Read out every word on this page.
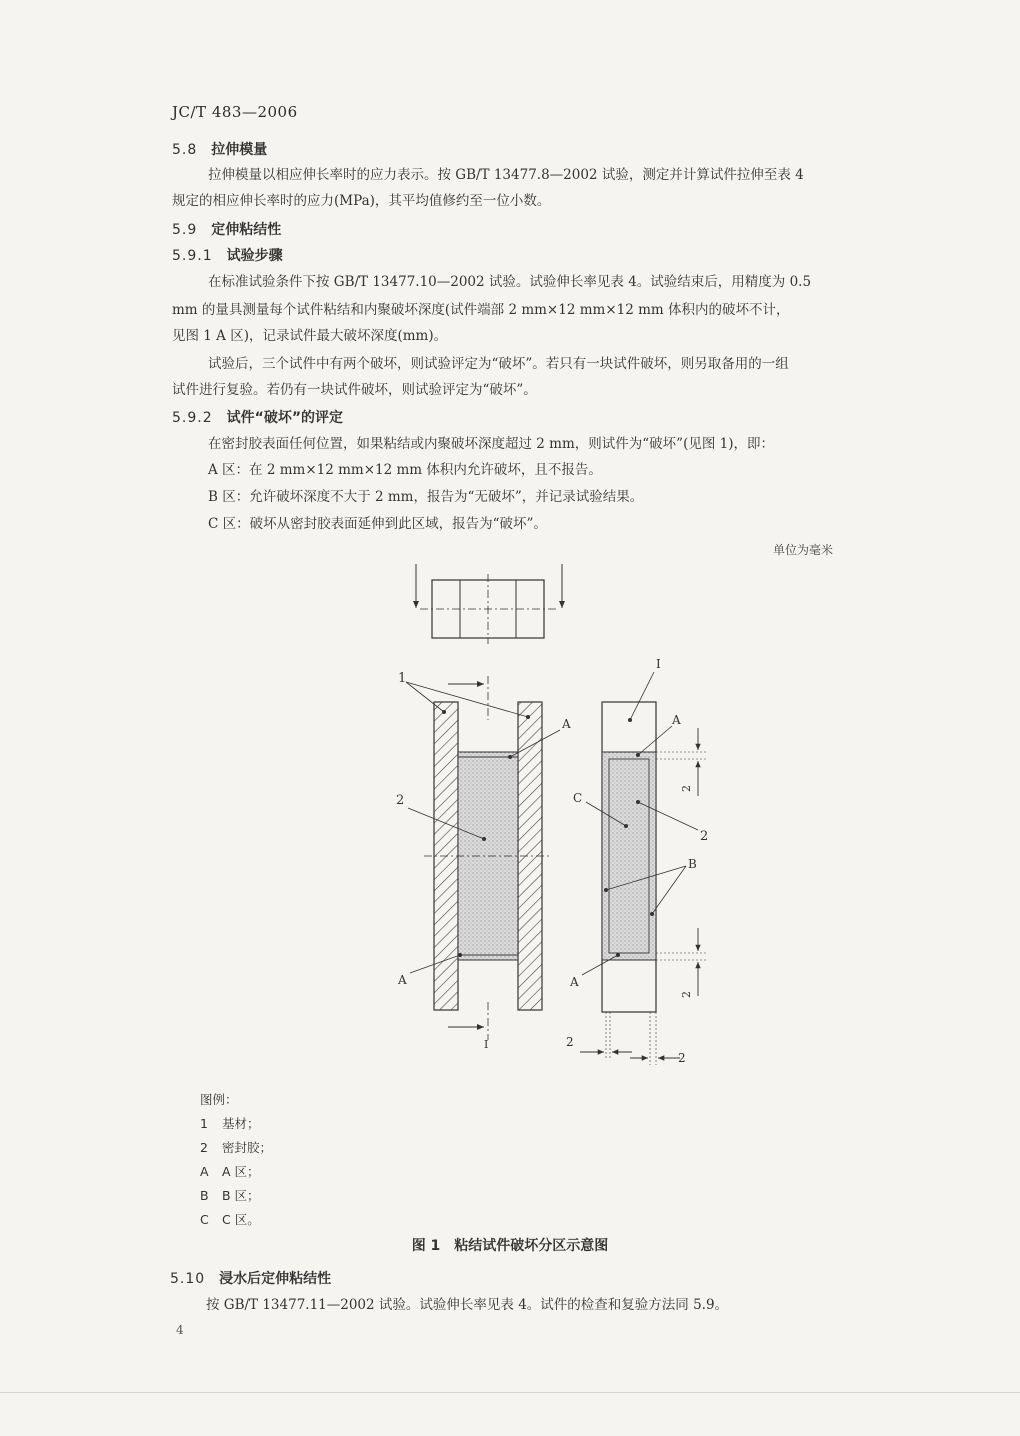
JC/T 483—2006
5.8 拉伸模量
拉伸模量以相应伸长率时的应力表示。按 GB/T 13477.8—2002 试验，测定并计算试件拉伸至表 4
规定的相应伸长率时的应力(MPa)，其平均值修约至一位小数。
5.9 定伸粘结性
5.9.1 试验步骤
在标准试验条件下按 GB/T 13477.10—2002 试验。试验伸长率见表 4。试验结束后，用精度为 0.5
mm 的量具测量每个试件粘结和内聚破坏深度(试件端部 2 mm×12 mm×12 mm 体积内的破坏不计，
见图 1 A 区)，记录试件最大破坏深度(mm)。
试验后，三个试件中有两个破坏，则试验评定为“破坏”。若只有一块试件破坏，则另取备用的一组
试件进行复验。若仍有一块试件破坏，则试验评定为“破坏”。
5.9.2 试件“破坏”的评定
在密封胶表面任何位置，如果粘结或内聚破坏深度超过 2 mm，则试件为“破坏”(见图 1)，即：
A 区：在 2 mm×12 mm×12 mm 体积内允许破坏，且不报告。
B 区：允许破坏深度不大于 2 mm，报告为“无破坏”，并记录试验结果。
C 区：破坏从密封胶表面延伸到此区域，报告为“破坏”。
单位为毫米
1
A
2
A
I
I
A
C
2
B
A
2
2
2
2
图例：
1 基材；
2 密封胶；
A A 区；
B B 区；
C C 区。
图 1　粘结试件破坏分区示意图
5.10 浸水后定伸粘结性
按 GB/T 13477.11—2002 试验。试验伸长率见表 4。试件的检查和复验方法同 5.9。
4
